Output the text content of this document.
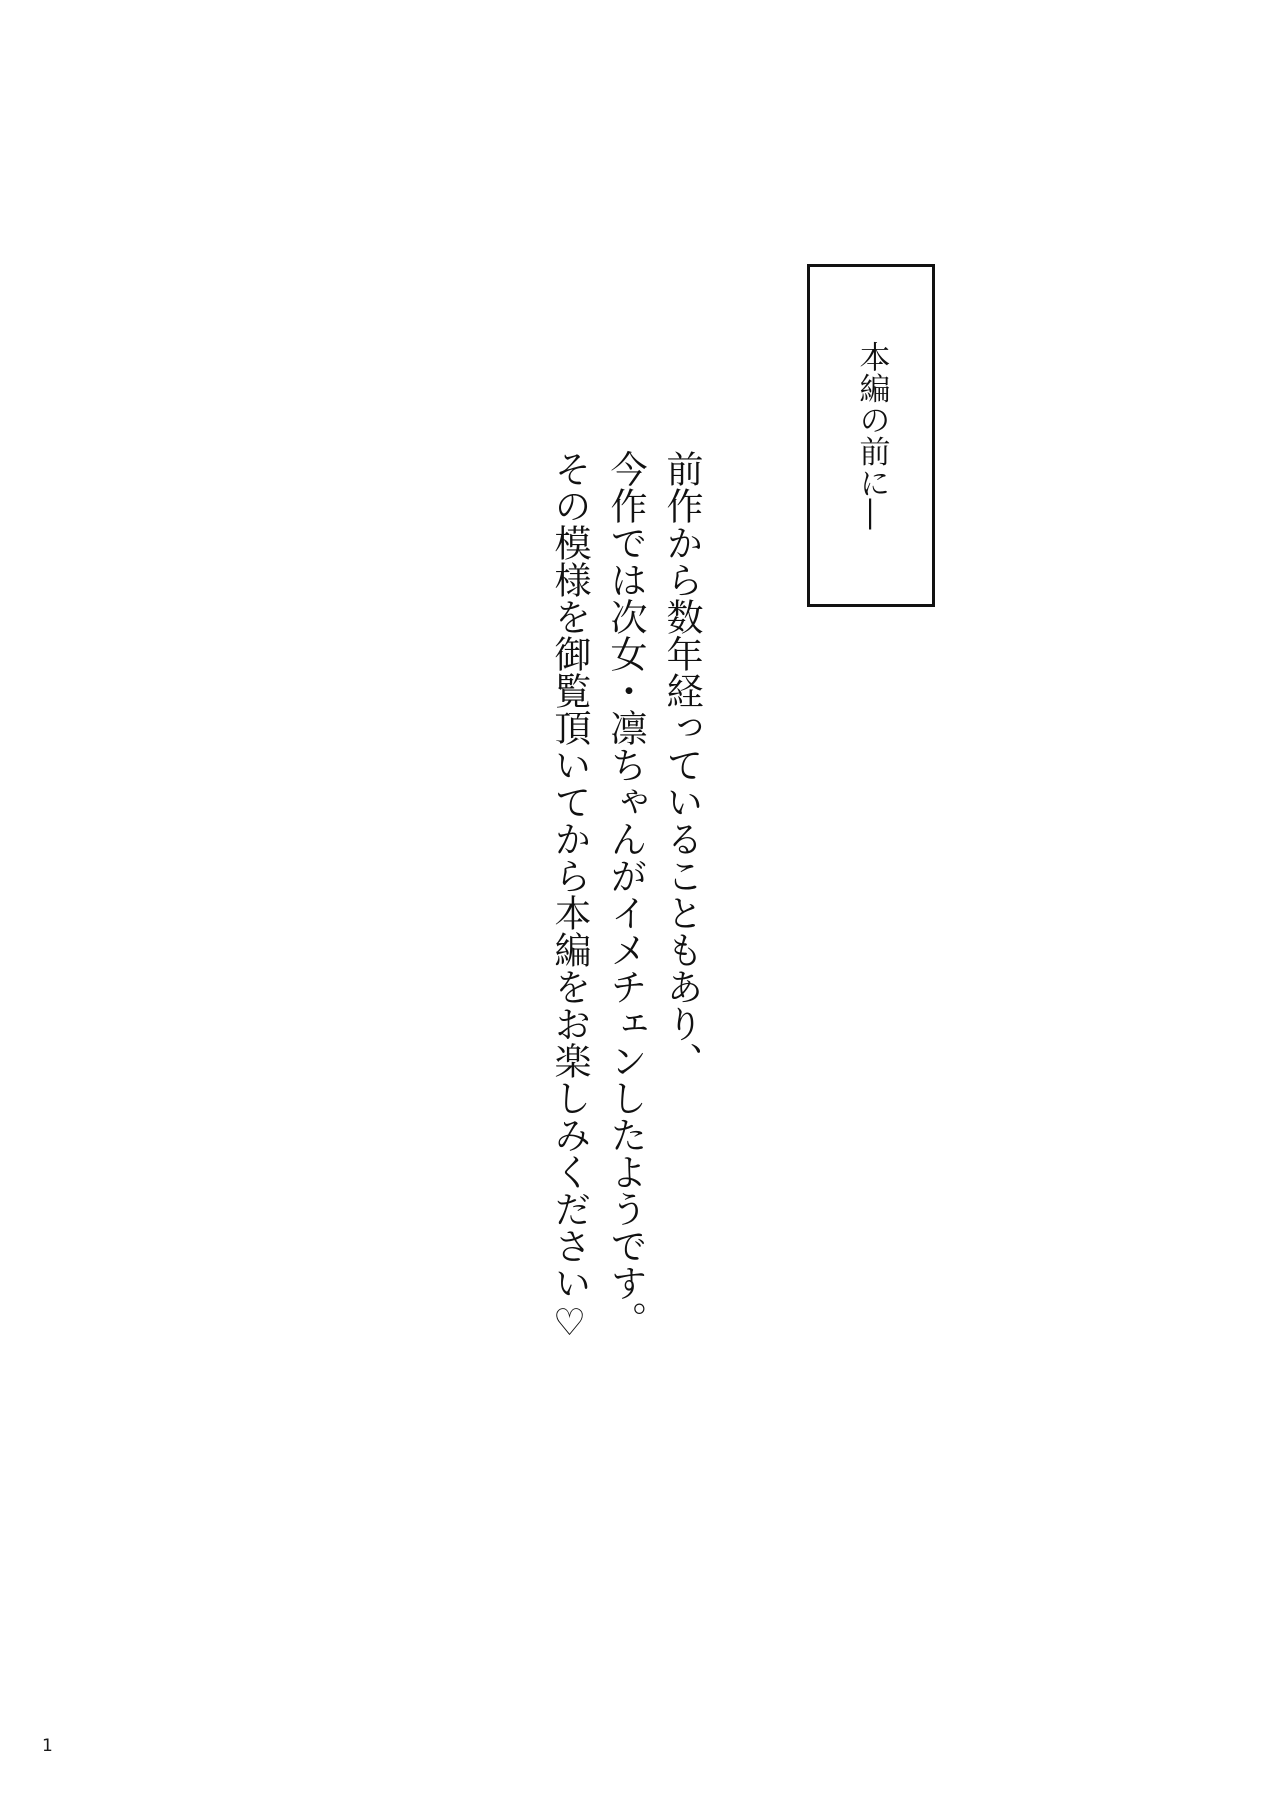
本編の前に―
前作から数年経っていることもあり、
今作では次女・凛ちゃんがイメチェンしたようです。
その模様を御覧頂いてから本編をお楽しみください♡
1
